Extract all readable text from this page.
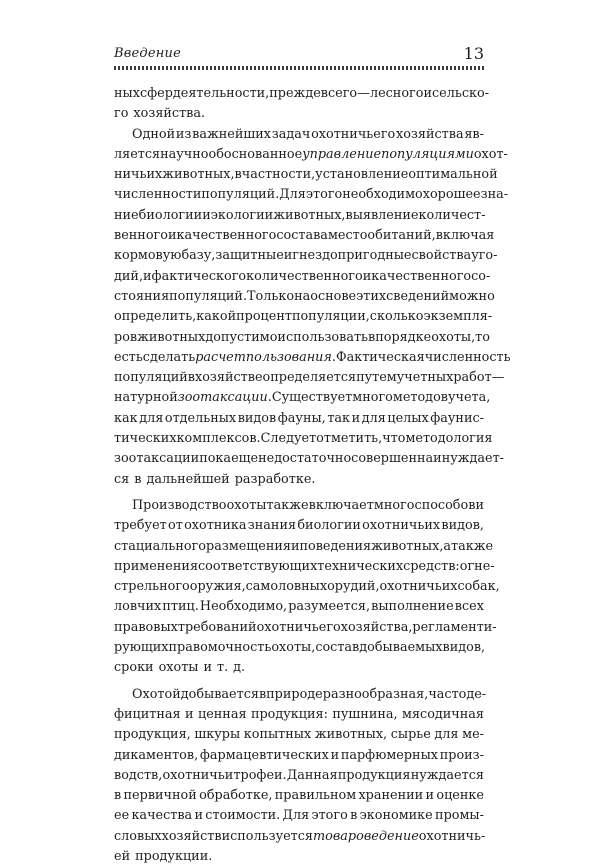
Введение	13
ных сфер деятельности, прежде всего — лесного и сельско-
го хозяйства.
Одной из важнейших задач охотничьего хозяйства яв-
ляется научно обоснованноеуправление популяциями охот-
ничьих животных, в частности, установление оптимальной
численности популяций. Для этого необходимо хорошее зна-
ние биологии и экологии животных, выявление количест-
венного и качественного состава местообитаний, включая
кормовую базу, защитные и гнездопригодные свойства уго-
дий, и фактического количественного и качественного со-
стояния популяций. Только на основе этих сведений можно
определить, какой процент популяции, сколько экземпля-
ров животных допустимо использовать в порядке охоты, то
есть сделатьрасчет пользования. Фактическая численность
популяций в хозяйстве определяется путем учетных работ —
натурнойзоотаксации. Существует много методов учета,
как для отдельных видов фауны, так и для целых фаунис-
тических комплексов. Следует отметить, что методология
зоотаксации пока еще недостаточно совершенна и нуждает-
ся в дальнейшей разработке.
Производство охоты также включает много способов и
требует от охотника знания биологии охотничьих видов,
стациального размещения и поведения животных, а также
применения соответствующих технических средств: огне-
стрельного оружия, самоловных орудий, охотничьих собак,
ловчих птиц. Необходимо, разумеется, выполнение всех
правовых требований охотничьего хозяйства, регламенти-
рующих правомочность охоты, состав добываемых видов,
сроки охоты и т. д.
Охотой добывается в природе разнообразная, часто де-
фицитная и ценная продукция: пушнина, мясодичная
продукция, шкуры копытных животных, сырье для ме-
дикаментов, фармацевтических и парфюмерных произ-
водств, охотничьи трофеи. Данная продукция нуждается
в первичной обработке, правильном хранении и оценке
ее качества и стоимости. Для этого в экономике промы-
словых хозяйств используетсятовароведение охотничь-
ей продукции.
